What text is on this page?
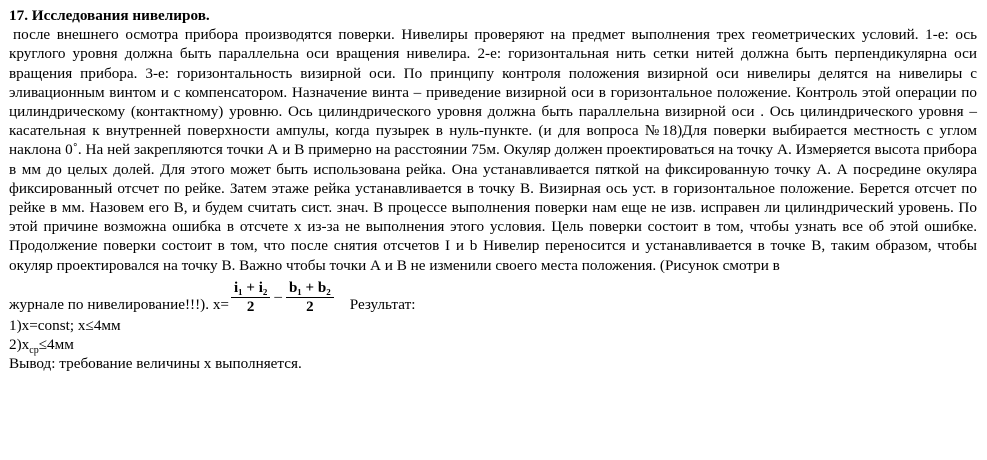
17. Исследования нивелиров.

после внешнего осмотра прибора производятся поверки. Нивелиры проверяют на предмет выполнения трех геометрических условий. 1-е: ось круглого уровня должна быть параллельна оси вращения нивелира. 2-е: горизонтальная нить сетки нитей должна быть перпендикулярна оси вращения прибора. 3-е: горизонтальность визирной оси. По принципу контроля положения визирной оси нивелиры делятся на нивелиры с эливационным винтом и с компенсатором. Назначение винта – приведение визирной оси в горизонтальное положение. Контроль этой операции по цилиндрическому (контактному) уровню. Ось цилиндрического уровня должна быть параллельна визирной оси . Ось цилиндрического уровня – касательная к внутренней поверхности ампулы, когда пузырек в нуль-пункте. (и для вопроса №18)Для поверки выбирается местность с углом наклона 0˚. На ней закрепляются точки А и В примерно на расстоянии 75м. Окуляр должен проектироваться на точку А. Измеряется высота прибора в мм до целых долей. Для этого может быть использована рейка. Она устанавливается пяткой на фиксированную точку А. А посредине окуляра фиксированный отсчет по рейке. Затем этаже рейка устанавливается в точку В. Визирная ось уст. в горизонтальное положение. Берется отсчет по рейке в мм. Назовем его В, и будем считать сист. знач. В процессе выполнения поверки нам еще не изв. исправен ли цилиндрический уровень. По этой причине возможна ошибка в отсчете х из-за не выполнения этого условия. Цель поверки состоит в том, чтобы узнать все об этой ошибке. Продолжение поверки состоит в том, что после снятия отсчетов I и b Нивелир переносится и устанавливается в точке В, таким образом, чтобы окуляр проектировался на точку В. Важно чтобы точки А и В не изменили своего места положения. (Рисунок смотри в

журнале по нивелирование!!!). $x= \frac{\text{i₁ + i₂}}{2} - \frac{\text{b₁ + b₂}}{2}$ Результат:

1)x=const; x≤4мм

$2)x_{ср}\le 4мм$

Вывод: требование величины х выполняется.
